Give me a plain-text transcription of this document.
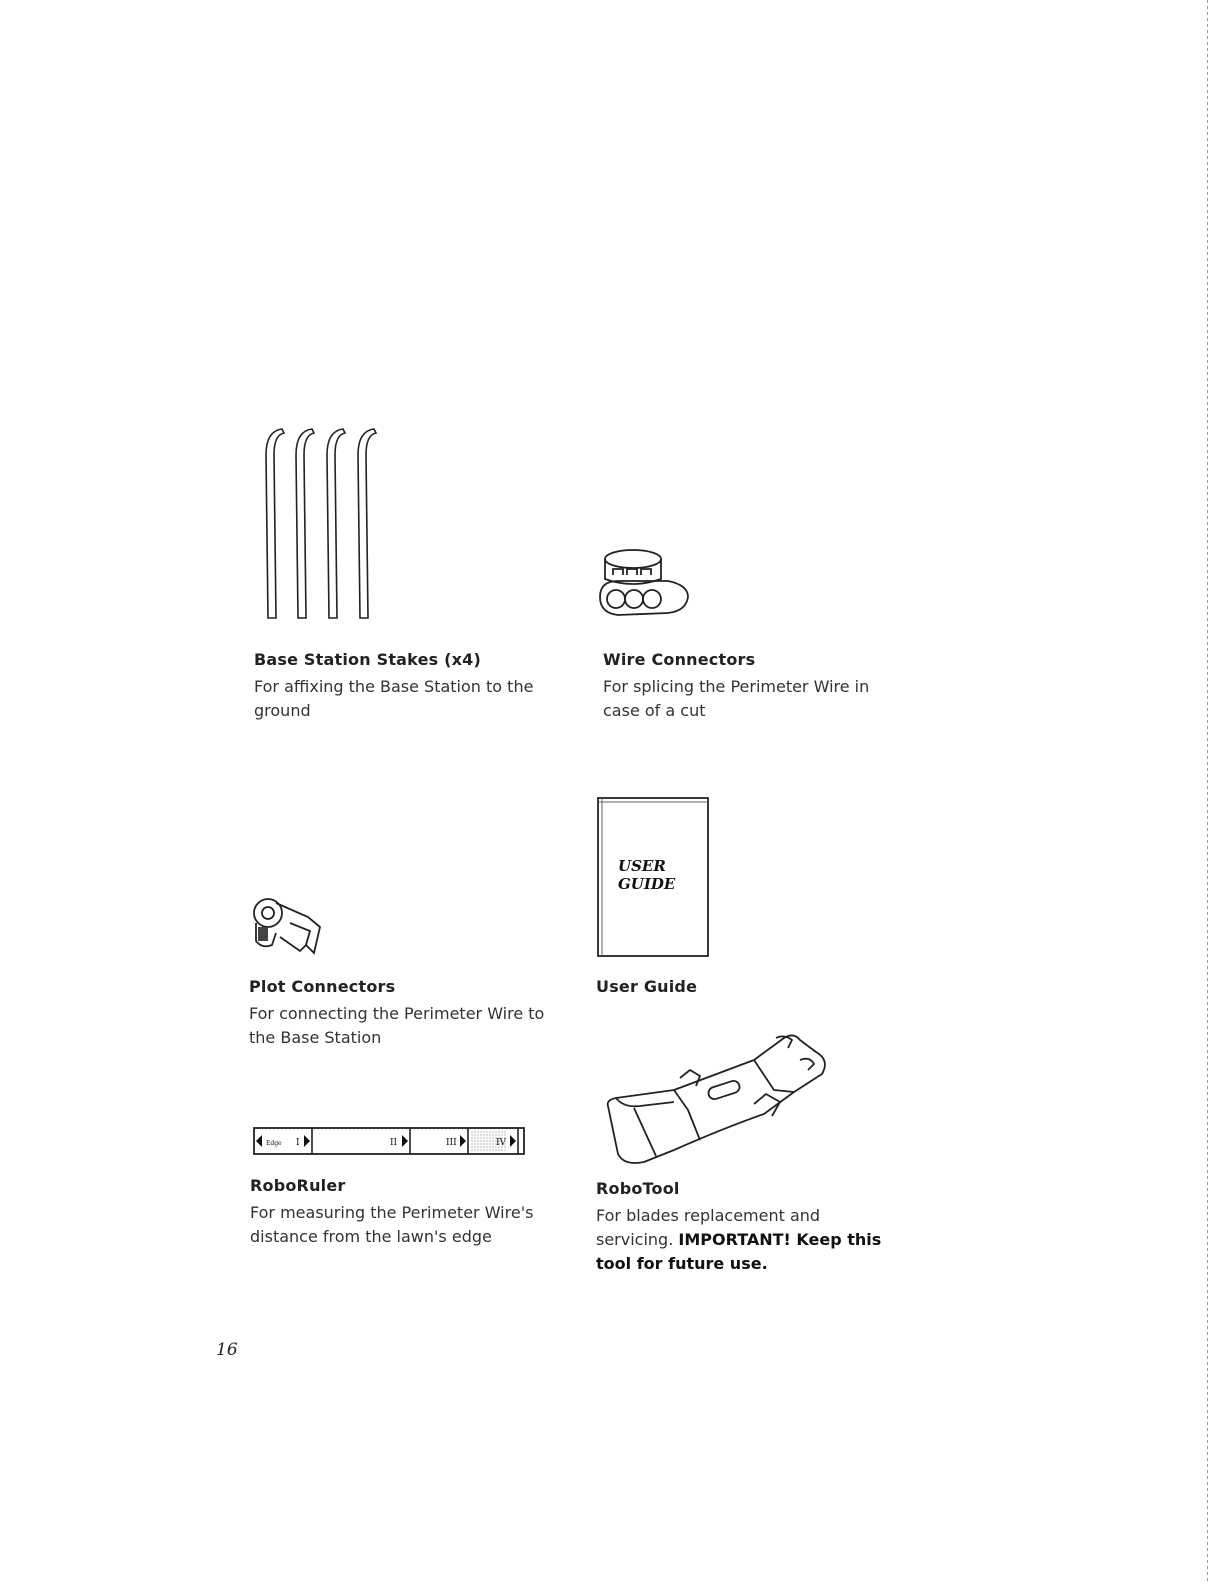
Base Station Stakes (x4)
For affixing the Base Station to the ground
Wire Connectors
For splicing the Perimeter Wire in case of a cut
Plot Connectors
For connecting the Perimeter Wire to the Base Station
USER
GUIDE
User Guide
Edge I	II	III	IV
RoboRuler
For measuring the Perimeter Wire's distance from the lawn's edge
RoboTool
For blades replacement and servicing. IMPORTANT! Keep this tool for future use.
16
